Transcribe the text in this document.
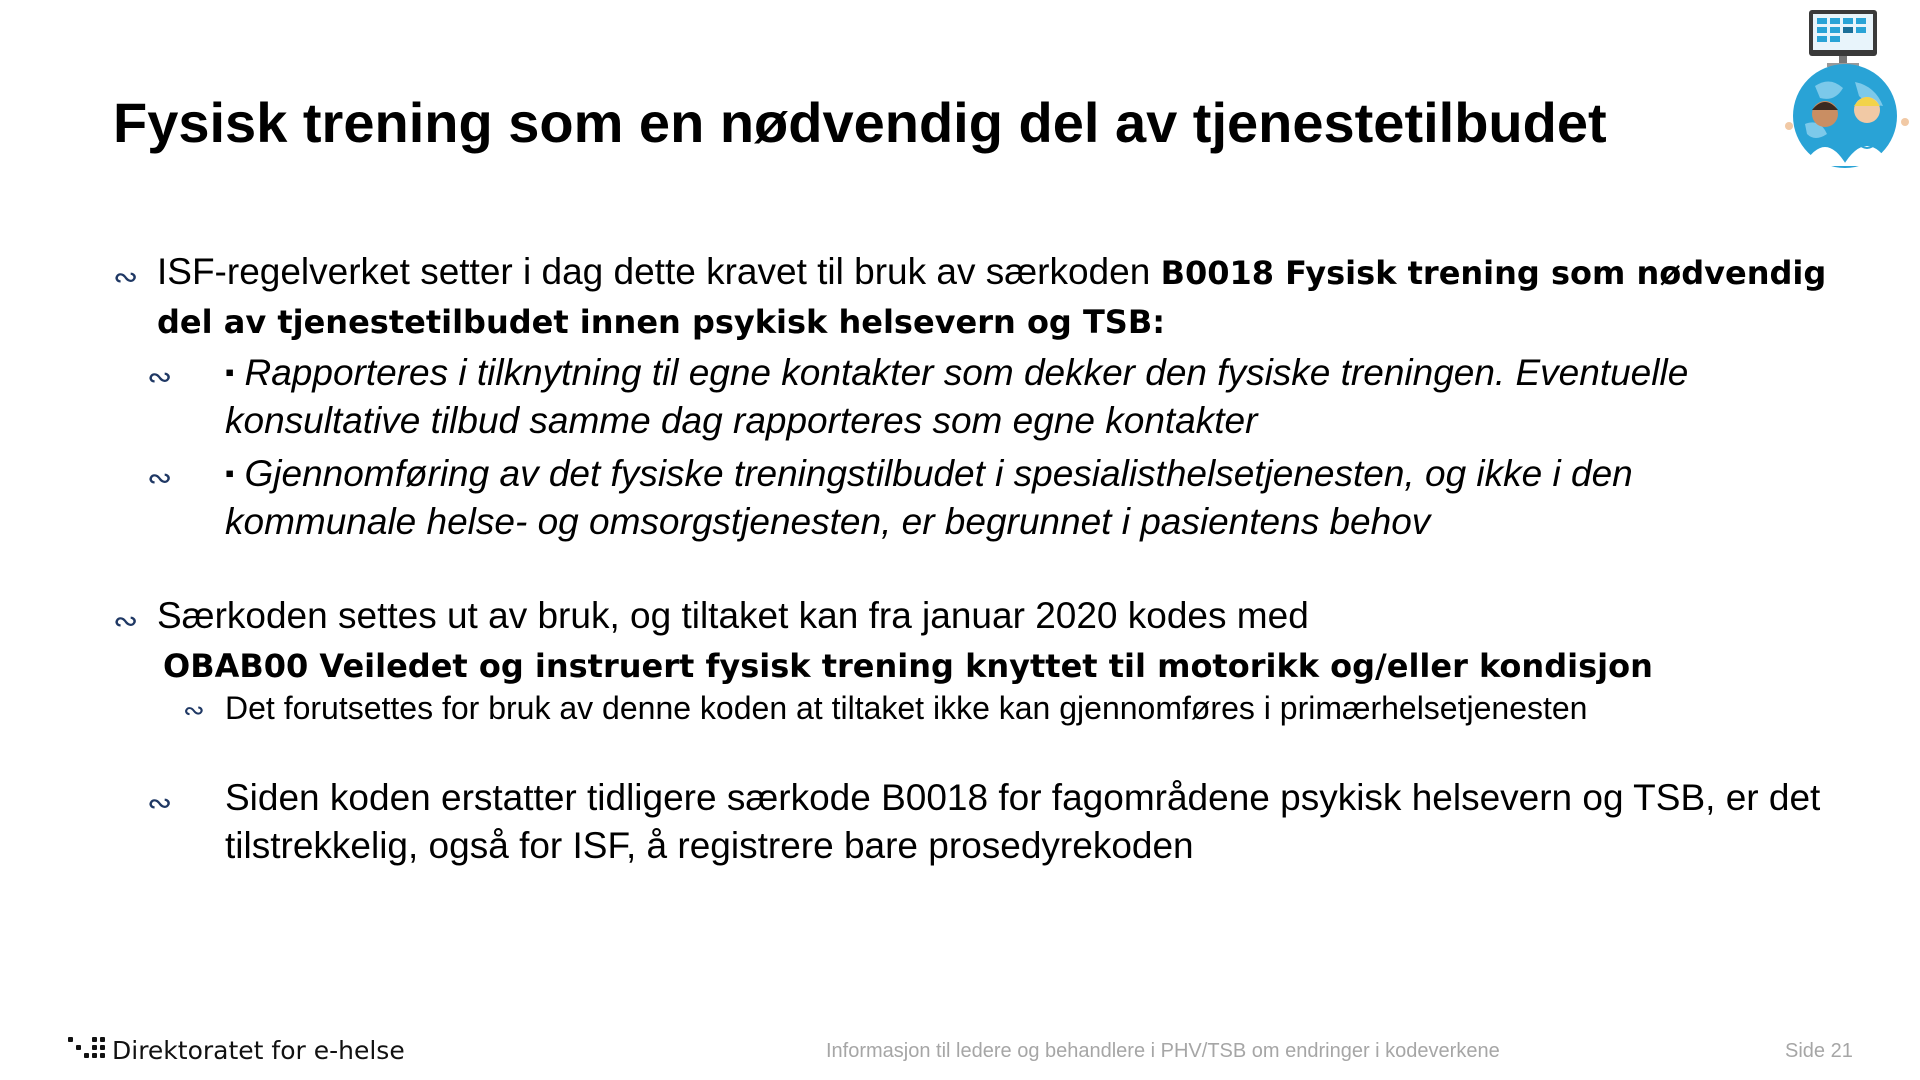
Fysisk trening som en nødvendig del av tjenestetilbudet

∾ ISF-regelverket setter i dag dette kravet til bruk av særkoden B0018 Fysisk trening som nødvendig del av tjenestetilbudet innen psykisk helsevern og TSB:

∾ ▪ Rapporteres i tilknytning til egne kontakter som dekker den fysiske treningen. Eventuelle konsultative tilbud samme dag rapporteres som egne kontakter

∾ ▪ Gjennomføring av det fysiske treningstilbudet i spesialisthelsetjenesten, og ikke i den kommunale helse- og omsorgstjenesten, er begrunnet i pasientens behov

∾ Særkoden settes ut av bruk, og tiltaket kan fra januar 2020 kodes med

OBAB00 Veiledet og instruert fysisk trening knyttet til motorikk og/eller kondisjon

∾ Det forutsettes for bruk av denne koden at tiltaket ikke kan gjennomføres i primærhelsetjenesten

∾ Siden koden erstatter tidligere særkode B0018 for fagområdene psykisk helsevern og TSB, er det tilstrekkelig, også for ISF, å registrere bare prosedyrekoden

Direktoratet for e-helse	Informasjon til ledere og behandlere i PHV/TSB om endringer i kodeverkene	Side 21
